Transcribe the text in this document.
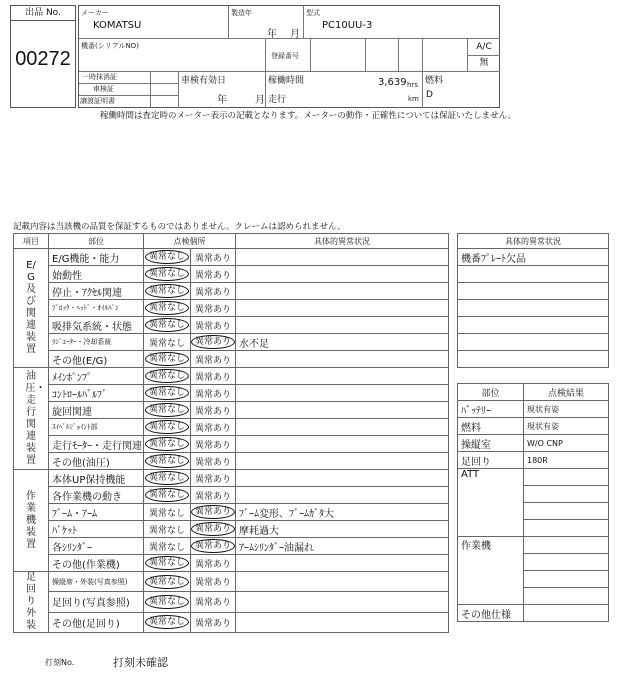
出品 No.
00272
メーカー
KOMATSU
製造年
年 月
型式
PC10UU-3
機番(シリアルNO)
登録番号
A/C
無
一時抹消証
車検証
譲渡証明書
車検有効日
年	月
稼働時間	3,639 hrs
走行	km
燃料
D
稼働時間は査定時のメーター表示の記載となります。メーターの動作・正確性については保証いたしません。
記載内容は当該機の品質を保証するものではありません。クレームは認められません。
項目	部位	点検個所		具体的異常状況
E/G及び関連装置	E/G機能・能力	異常なし	異常あり	
	始動性	異常なし	異常あり	
	停止・ｱｸｾﾙ関連	異常なし	異常あり	
	ﾌﾞﾛｯｸ・ﾍｯﾄﾞ・ｵｲﾙﾊﾟﾝ	異常なし	異常あり	
	吸排気系統・状態	異常なし	異常あり	
	ﾗｼﾞｴｰﾀｰ・冷却系統	異常なし	異常あり	水不足
	その他(E/G)	異常なし	異常あり	
油圧・走行関連装置	ﾒｲﾝﾎﾟﾝﾌﾟ	異常なし	異常あり	
	ｺﾝﾄﾛｰﾙﾊﾞﾙﾌﾞ	異常なし	異常あり	
	旋回関連	異常なし	異常あり	
	ｽｲﾍﾞﾙｼﾞｮｲﾝﾄ部	異常なし	異常あり	
	走行ﾓｰﾀｰ・走行関連	異常なし	異常あり	
	その他(油圧)	異常なし	異常あり	
作業機装置	本体UP保持機能	異常なし	異常あり	
	各作業機の動き	異常なし	異常あり	
	ﾌﾞｰﾑ・ｱｰﾑ	異常なし	異常あり	ﾌﾞｰﾑ変形、ﾌﾞｰﾑｶﾞﾀ大
	ﾊﾞｹｯﾄ	異常なし	異常あり	摩耗過大
	各ｼﾘﾝﾀﾞｰ	異常なし	異常あり	ｱｰﾑｼﾘﾝﾀﾞｰ油漏れ
	その他(作業機)	異常なし	異常あり	
足回り外装	操縦席・外装(写真参照)	異常なし	異常あり	
	足回り(写真参照)	異常なし	異常あり	
	その他(足回り)	異常なし	異常あり	
具体的異常状況
機番ﾌﾟﾚｰﾄ欠品

部位	点検結果
ﾊﾞｯﾃﾘｰ	現状有姿
燃料	現状有姿
操縦室	W/O CNP
足回り	180R
ATT	

作業機	

その他仕様	
打刻No.	打刻未確認
